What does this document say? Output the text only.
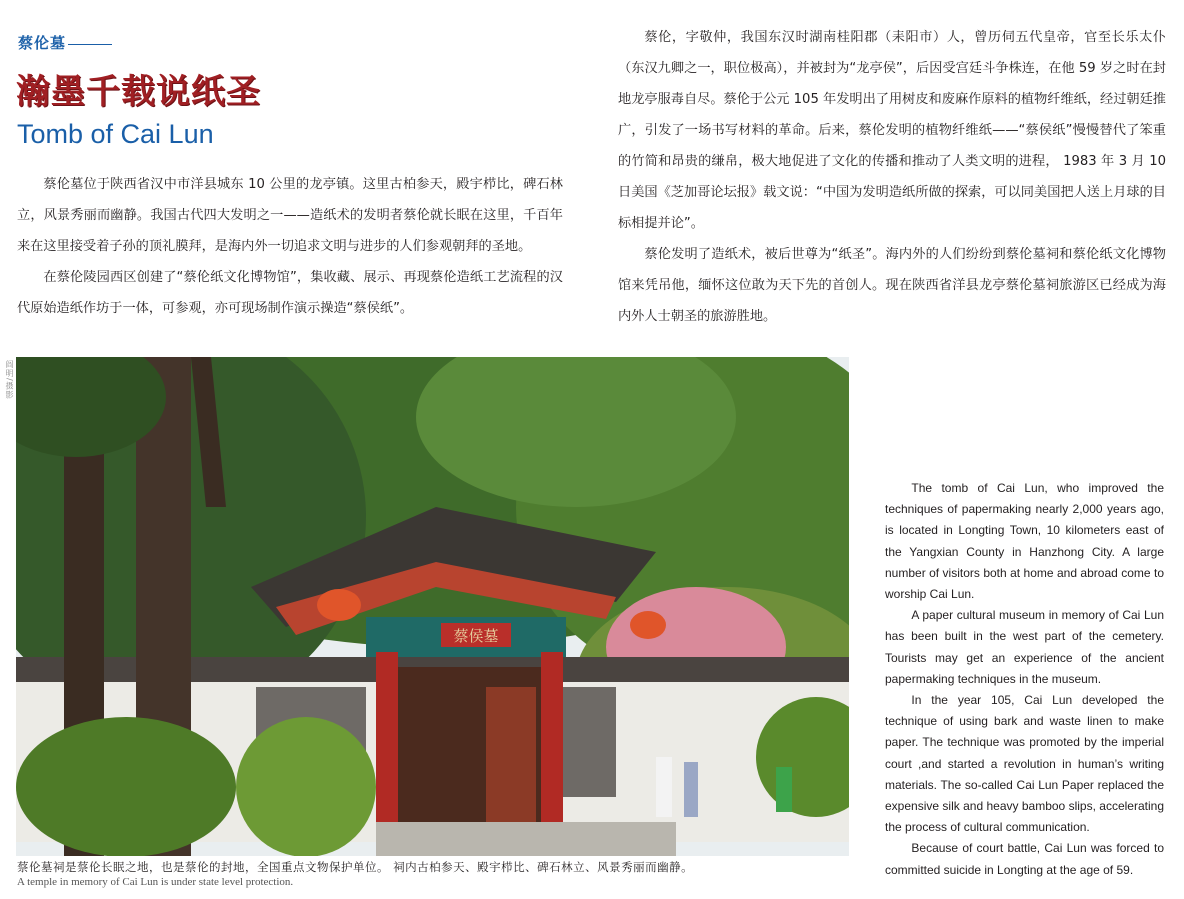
蔡伦墓
瀚墨千载说纸圣
Tomb of Cai Lun

蔡伦墓位于陕西省汉中市洋县城东 10 公里的龙亭镇。这里古柏参天，殿宇栉比，碑石林立，风景秀丽而幽静。我国古代四大发明之一——造纸术的发明者蔡伦就长眠在这里，千百年来在这里接受着子孙的顶礼膜拜，是海内外一切追求文明与进步的人们参观朝拜的圣地。

在蔡伦陵园西区创建了“蔡伦纸文化博物馆”，集收藏、展示、再现蔡伦造纸工艺流程的汉代原始造纸作坊于一体，可参观，亦可现场制作演示操造“蔡侯纸”。

蔡伦，字敬仲，我国东汉时湖南桂阳郡（耒阳市）人，曾历伺五代皇帝，官至长乐太仆（东汉九卿之一，职位极高），并被封为“龙亭侯”，后因受宫廷斗争株连，在他 59 岁之时在封地龙亭服毒自尽。蔡伦于公元 105 年发明出了用树皮和废麻作原料的植物纤维纸，经过朝廷推广，引发了一场书写材料的革命。后来，蔡伦发明的植物纤维纸——“蔡侯纸”慢慢替代了笨重的竹简和昂贵的缣帛，极大地促进了文化的传播和推动了人类文明的进程， 1983 年 3 月 10 日美国《芝加哥论坛报》载文说：“中国为发明造纸所做的探索，可以同美国把人送上月球的目标相提并论”。

蔡伦发明了造纸术，被后世尊为“纸圣”。海内外的人们纷纷到蔡伦墓祠和蔡伦纸文化博物馆来凭吊他，缅怀这位敢为天下先的首创人。现在陕西省洋县龙亭蔡伦墓祠旅游区已经成为海内外人士朝圣的旅游胜地。

阎明/摄影
蔡侯墓
蔡伦墓祠是蔡伦长眠之地，也是蔡伦的封地，全国重点文物保护单位。 祠内古柏参天、殿宇栉比、碑石林立、风景秀丽而幽静。
A temple in memory of Cai Lun is under state level protection.

The tomb of Cai Lun, who improved the techniques of papermaking nearly 2,000 years ago, is located in Longting Town, 10 kilometers east of the Yangxian County in Hanzhong City. A large number of visitors both at home and abroad come to worship Cai Lun.

A paper cultural museum in memory of Cai Lun has been built in the west part of the cemetery. Tourists may get an experience of the ancient papermaking techniques in the museum.

In the year 105, Cai Lun developed the technique of using bark and waste linen to make paper. The technique was promoted by the imperial court ,and started a revolution in human’s writing materials. The so-called Cai Lun Paper replaced the expensive silk and heavy bamboo slips, accelerating the process of cultural communication.

Because of court battle, Cai Lun was forced to committed suicide in Longting at the age of 59.
